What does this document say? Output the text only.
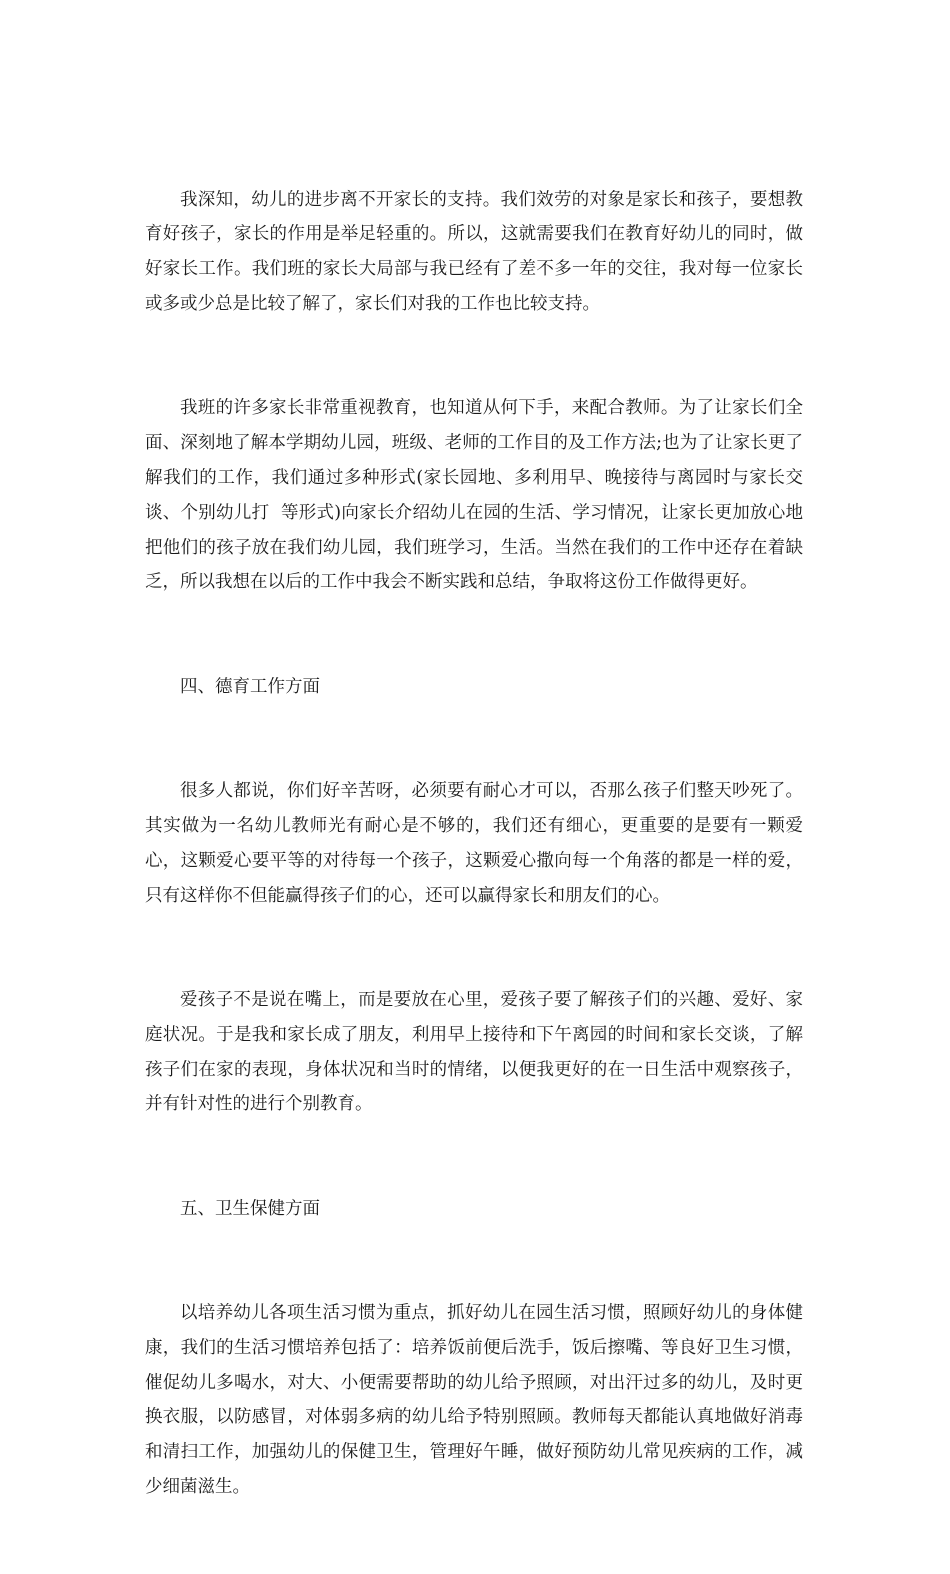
我深知，幼儿的进步离不开家长的支持。我们效劳的对象是家长和孩子，要想教育好孩子，家长的作用是举足轻重的。所以，这就需要我们在教育好幼儿的同时，做好家长工作。我们班的家长大局部与我已经有了差不多一年的交往，我对每一位家长或多或少总是比较了解了，家长们对我的工作也比较支持。

我班的许多家长非常重视教育，也知道从何下手，来配合教师。为了让家长们全面、深刻地了解本学期幼儿园，班级、老师的工作目的及工作方法;也为了让家长更了解我们的工作，我们通过多种形式(家长园地、多利用早、晚接待与离园时与家长交谈、个别幼儿打  等形式)向家长介绍幼儿在园的生活、学习情况，让家长更加放心地把他们的孩子放在我们幼儿园，我们班学习，生活。当然在我们的工作中还存在着缺乏，所以我想在以后的工作中我会不断实践和总结，争取将这份工作做得更好。

四、德育工作方面

很多人都说，你们好辛苦呀，必须要有耐心才可以，否那么孩子们整天吵死了。其实做为一名幼儿教师光有耐心是不够的，我们还有细心，更重要的是要有一颗爱心，这颗爱心要平等的对待每一个孩子，这颗爱心撒向每一个角落的都是一样的爱，只有这样你不但能赢得孩子们的心，还可以赢得家长和朋友们的心。

爱孩子不是说在嘴上，而是要放在心里，爱孩子要了解孩子们的兴趣、爱好、家庭状况。于是我和家长成了朋友，利用早上接待和下午离园的时间和家长交谈，了解孩子们在家的表现，身体状况和当时的情绪，以便我更好的在一日生活中观察孩子，并有针对性的进行个别教育。

五、卫生保健方面

以培养幼儿各项生活习惯为重点，抓好幼儿在园生活习惯，照顾好幼儿的身体健康，我们的生活习惯培养包括了：培养饭前便后洗手，饭后擦嘴、等良好卫生习惯，催促幼儿多喝水，对大、小便需要帮助的幼儿给予照顾，对出汗过多的幼儿，及时更换衣服，以防感冒，对体弱多病的幼儿给予特别照顾。教师每天都能认真地做好消毒和清扫工作，加强幼儿的保健卫生，管理好午睡，做好预防幼儿常见疾病的工作，减少细菌滋生。
